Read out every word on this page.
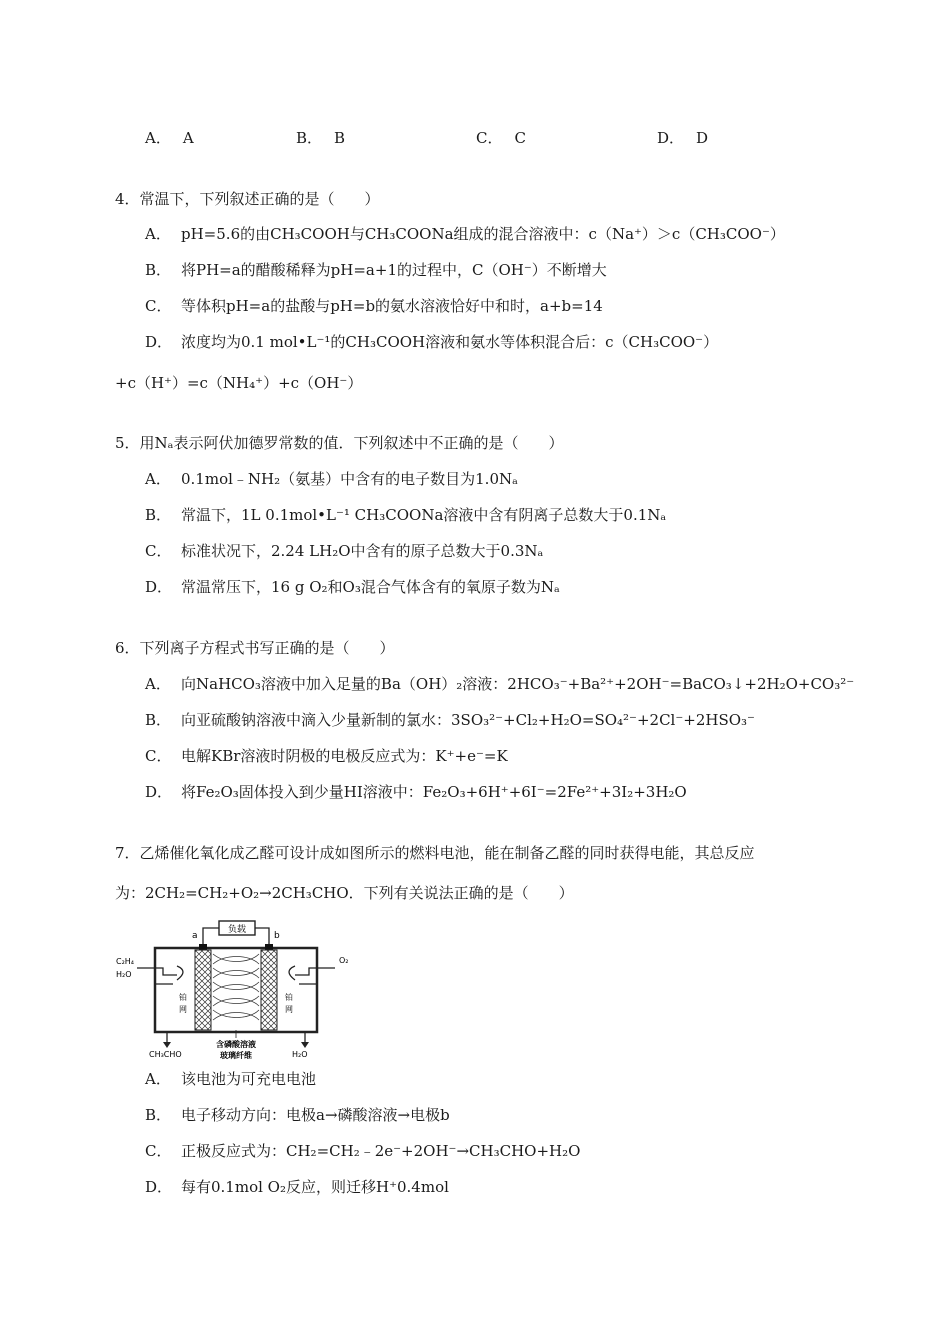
A． A	B． B	C． C	D． D
4．常温下，下列叙述正确的是（　　）
A． pH=5.6的由CH₃COOH与CH₃COONa组成的混合溶液中：c（Na⁺）＞c（CH₃COO⁻）
B． 将PH=a的醋酸稀释为pH=a+1的过程中，C（OH⁻）不断增大
C． 等体积pH=a的盐酸与pH=b的氨水溶液恰好中和时，a+b=14
D． 浓度均为0.1 mol•L⁻¹的CH₃COOH溶液和氨水等体积混合后：c（CH₃COO⁻）
+c（H⁺）=c（NH₄⁺）+c（OH⁻）
5．用Nₐ表示阿伏加德罗常数的值．下列叙述中不正确的是（　　）
A． 0.1mol﹣NH₂（氨基）中含有的电子数目为1.0Nₐ
B． 常温下，1L 0.1mol•L⁻¹ CH₃COONa溶液中含有阴离子总数大于0.1Nₐ
C． 标准状况下，2.24 LH₂O中含有的原子总数大于0.3Nₐ
D． 常温常压下，16 g O₂和O₃混合气体含有的氧原子数为Nₐ
6．下列离子方程式书写正确的是（　　）
A． 向NaHCO₃溶液中加入足量的Ba（OH）₂溶液：2HCO₃⁻+Ba²⁺+2OH⁻=BaCO₃↓+2H₂O+CO₃²⁻
B． 向亚硫酸钠溶液中滴入少量新制的氯水：3SO₃²⁻+Cl₂+H₂O=SO₄²⁻+2Cl⁻+2HSO₃⁻
C． 电解KBr溶液时阴极的电极反应式为：K⁺+e⁻=K
D． 将Fe₂O₃固体投入到少量HI溶液中：Fe₂O₃+6H⁺+6I⁻=2Fe²⁺+3I₂+3H₂O
7．乙烯催化氧化成乙醛可设计成如图所示的燃料电池，能在制备乙醛的同时获得电能，其总反应
为：2CH₂=CH₂+O₂→2CH₃CHO．下列有关说法正确的是（　　）
负载
a	b
C₂H₄
H₂O
铂
网
O₂
铂
网
CH₃CHO	H₂O
含磷酸溶液
玻璃纤维
A． 该电池为可充电电池
B． 电子移动方向：电极a→磷酸溶液→电极b
C． 正极反应式为：CH₂=CH₂﹣2e⁻+2OH⁻→CH₃CHO+H₂O
D． 每有0.1mol O₂反应，则迁移H⁺0.4mol
